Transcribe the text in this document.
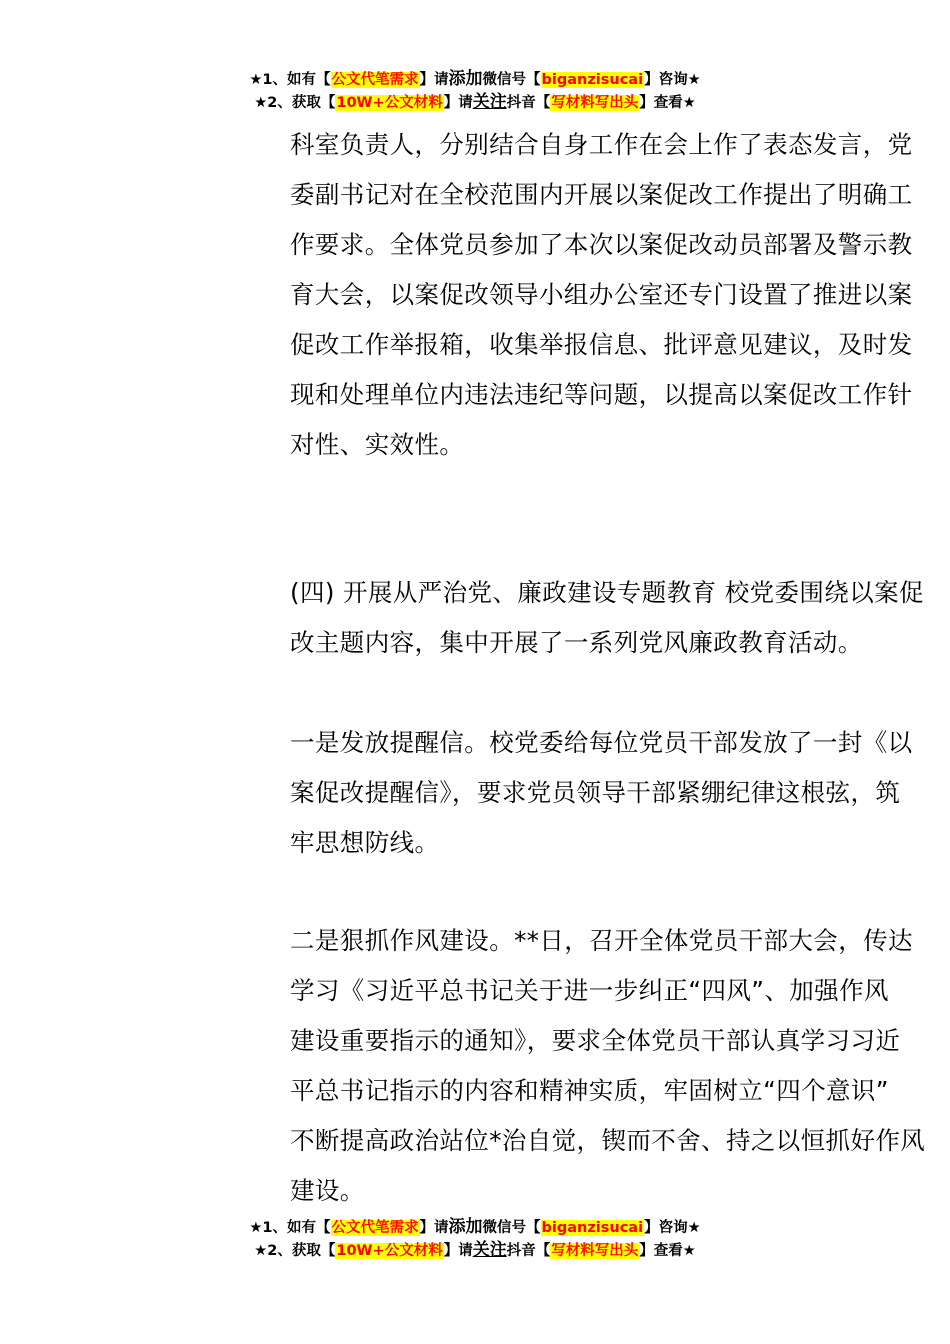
★1、如有【公文代笔需求】请添加微信号【biganzisucai】咨询★
★2、获取【10W+公文材料】请关注抖音【写材料写出头】查看★

科室负责人，分别结合自身工作在会上作了表态发言，党
委副书记对在全校范围内开展以案促改工作提出了明确工
作要求。全体党员参加了本次以案促改动员部署及警示教
育大会，以案促改领导小组办公室还专门设置了推进以案
促改工作举报箱，收集举报信息、批评意见建议，及时发
现和处理单位内违法违纪等问题，以提高以案促改工作针
对性、实效性。

(四) 开展从严治党、廉政建设专题教育 校党委围绕以案促
改主题内容，集中开展了一系列党风廉政教育活动。

一是发放提醒信。校党委给每位党员干部发放了一封《以
案促改提醒信》，要求党员领导干部紧绷纪律这根弦，筑
牢思想防线。

二是狠抓作风建设。**日，召开全体党员干部大会，传达
学习《习近平总书记关于进一步纠正“四风”、加强作风
建设重要指示的通知》，要求全体党员干部认真学习习近
平总书记指示的内容和精神实质，牢固树立“四个意识”
不断提高政治站位*治自觉，锲而不舍、持之以恒抓好作风
建设。

★1、如有【公文代笔需求】请添加微信号【biganzisucai】咨询★
★2、获取【10W+公文材料】请关注抖音【写材料写出头】查看★
